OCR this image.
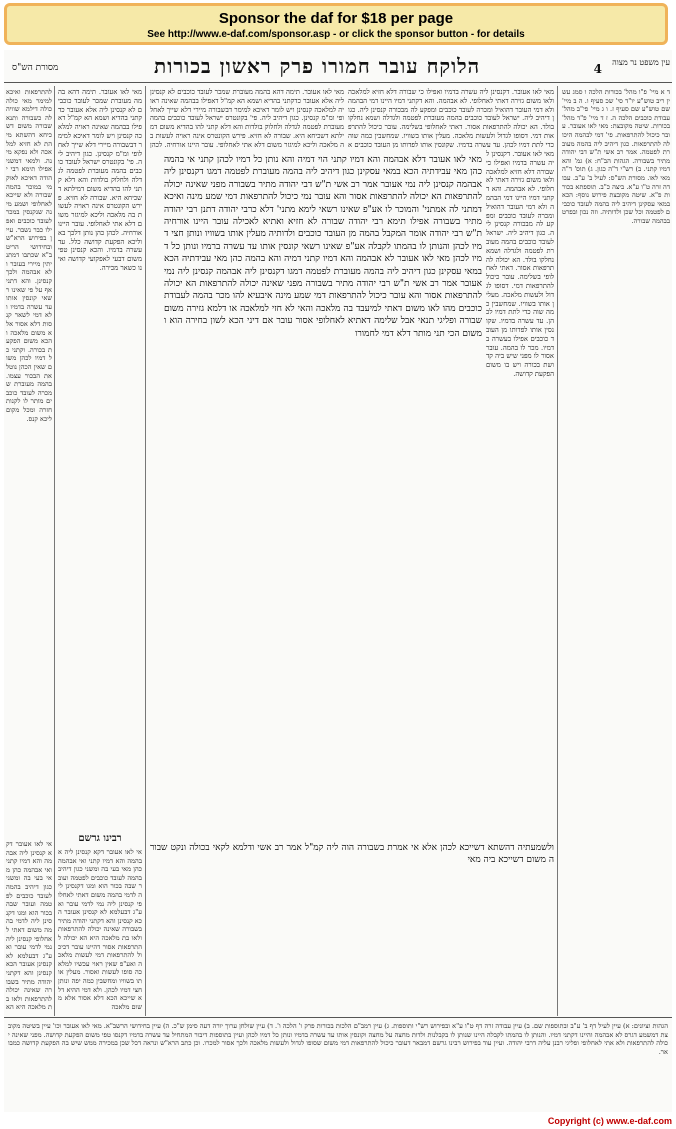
Sponsor the daf for $18 per page
See http://www.e-daf.com/sponsor.asp - or click the sponsor button - for details
מסורת הש"ס	הלוקח עובר חמורו פרק ראשון בכורות	4	עין משפט נר מצוה
להתרפאות ואיכא למימר מאי כולה כולה דילמא שוויה לה כשבורה ותנא שבורה משום דשכיחא דהשתא מיהת לא חזיא למלאכה ולא נפקא מינה. ולמאי דמשני אפילו תימא רבי יהודה דאיכא לאוקמי במוכר בהמה שבורה ולא שייכא לאחלופי ושמע מינה שנקנסין במכר לעובד כוכבים ואפילו כבר נשבר. עיין בפירוש הרא"ש ובחידושי הריטב"א שכתבו דמתניתין מיירי בעובר ולא אבהמה ולכך קנסינן. והא דתני אף על פי שאינו רשאי קונסין אותו עד עשרה בדמיו ולא דמי לשאר קנסות דלא אסור אלא משום מלאכה והכא משום הפקעת בכורה. וקתני כל דמיו לכהן משום שאין הכהן נוטל את הבכור עצמו. בהמה מעוברת שמכרה לעובד כוכבים מותר לו לקנות חזרה ומכל מקום ליכא קנס.
אי לאו אעובר דקא קנסינן ליה אבהמה והא דמיו קתני ואי אבהמה כהן מאי בעי בה ומשני כגון דיהיב בהמה לעובד כוכבים לפטמה ועובר שבה בכור הוא ומגו דקנסינן ליה לדמי בהמה משום דאתי לאחלופי קנסינן ליה נמי לדמי עובר ואע"ג דבעלמא לא קנסינן אעובר הכא קנסינן והא דקתני יהודה מתיר בשבורה שאינה יכולה להתרפאות ולאו בת מלאכה היא הא
מאי לאו אעובר. תימה דהא בהמה מעוברת שמכר לעובד כוכבים לא קנסינן ליה אלא אעובר כדקתני בהדיא ושמא הא קמ"ל דאפילו בבהמה שאינה ראויה למלאכה קנסינן ויש לומר דאיכא למימר דבשבורה מיירי דלא שייך לאחלופי ומ"מ קנסינן. כגון דיהיב ליה. פי' בקונטרס ישראל לעובד כוכבים בהמה מעוברת לפטמה לגדלה ולחלוק בולדות והא דלא קתני להו בהדיא משום דמילתא דשכיחא היא. שבורה לא חזיא. פירש הקונטרס אינה ראויה לעשות בה מלאכה וליכא למיגזר משום דלא אתי לאחלופי. עובר היינו אורחיה. לכהן כהן נותן דלכך בא וליכא הפקעת קדושה כלל. עד עשרה בדמיו. והכא קנסינן טפי משום דבעי לאפקועי קדושה ואינו כשאר מכירה.
רבינו גרשם
אי לאו אעובר דקא קנסינן ליה אבהמה והא דמיו קתני ואי אבהמה כהן מאי בעי בה ומשני כגון דיהיב בהמה לעובד כוכבים לפטמה ועובר שבה בכור הוא ומגו דקנסינן ליה לדמי בהמה משום דאתי לאחלופי קנסינן ליה נמי לדמי עובר ואע"ג דבעלמא לא קנסינן אעובר הכא קנסינן והא דקתני יהודה מתיר בשבורה שאינה יכולה להתרפאות ולאו בת מלאכה היא הא יכולה להתרפאות אסור דהיינו עובר דכיכול להתרפאות דמי לעשות מלאכה ואע"פ שאין ראוי עכשיו למלאכה סופו לעשות ואסור. מעלין אותו בשוויו ומחשבין כמה יפה ונותן חצי דמיו לכהן. ולא דמי ההיא דלא שייכא הכא דלא אסור אלא משום מלאכה
מאי לאו אעובר. תימה דהא בהמה מעוברת שמכר לעובד כוכבים לא קנסינן ליה אלא אעובר כדקתני בהדיא ושמא הא קמ"ל דאפילו בבהמה שאינה ראויה למלאכה קנסינן ויש לומר דאיכא למימר דבשבורה מיירי דלא שייך לאחלופי ומ"מ קנסינן. כגון דיהיב ליה. פי' בקונטרס ישראל לעובד כוכבים בהמה מעוברת לפטמה לגדלה ולחלוק בולדות והא דלא קתני להו בהדיא משום דמילתא דשכיחא היא. שבורה לא חזיא. פירש הקונטרס אינה ראויה לעשות בה מלאכה וליכא למיגזר משום דלא אתי לאחלופי. עובר היינו אורחיה. לכהן
מאי לאו אעובר. דקנסינן ליה עשרה בדמיו ואפילו כי שבורה דלא חזיא למלאכה ולאו משום גזירה דאתי לאחלופי. לא אבהמה. והא דקתני דמיו היינו דמי הבהמה ולא דמי העובר דהואיל ומכרה לעובד כוכבים ומפקע לה מבכורה קנסינן ליה. כגון דיהיב ליה. ישראל לעובד כוכבים בהמה מעוברת לפטמה ולגדלה ושמא נחלקו בולד. הא יכולה להתרפאות אסור. דאתי לאחלופי בשלימה. עובר כיכול להתרפאות דמי. דסופו לגדול ולעשות מלאכה. מעלין אותו בשוויו. שמחשבין כמה שוה כדי לתת דמיו לכהן. עד עשרה בדמיו. שקונסין אותו לפדותו מן העובד כוכבים א
מאי לאו אעובר דלא אבהמה והא דמיו קתני הוי דמיה והא נותן כל דמיו לכהן קתני אי בהמה כהן מאי עבידתיה הכא במאי עסקינן כגון דיהיב ליה בהמה מעוברת לפטמה דמגו דקנסינן ליה אבהמה קנסינן ליה נמי אעובר אמר רב אשי ת"ש דבי יהודה מתיר בשבורה מפני שאינה יכולה להתרפאות הא יכולה להתרפאות אסור והא עובר נמי כיכול להתרפאות דמי שמע מינה ואיכא דמתני לה אמתני' והמוכר לו אע"פ שאינו רשאי לימא מתני' דלא כרבי יהודה דתנן רבי יהודה מתיר בשבורה אפילו תימא רבי יהודה שבורה לא חזיא ואתיא לאכילה עובר היינו אורחיה ת"ש רבי יהודה אומר המקבל בהמה מן העובד כוכבים ולדותיה מעלין אותו בשוויו ונותן חצי דמיו לכהן והנותן לו בהמתו לקבלה אע"פ שאינו רשאי קונסין אותו עד עשרה ברמיו ונותן כל דמיו לכהן מאי לאו אעובר לא אבהמה והא דמיו קתני דמיה והא בהמה כהן מאי עבידתיה הכא במאי עסקינן כגון דיהיב ליה בהמה מעוברת לפטמה דמגו דקנסינן ליה אבהמה קנסינן ליה נמי אעובר אמר רב אשי ת"ש רבי יהודה מתיר בשבורה מפני שאינה יכולה להתרפאות הא יכולה להתרפאות אסור והא עובר כיכול להתרפאות דמי שמע מינה איבעיא להו מכר בהמה לעבודת כוכבים מהו לאו משום דאתי למיעבד בה מלאכה והאי לא חזי למלאכה או דלמא גזירה משום שבורה ופליגי תנאי אבל שלימה דאתיא לאחלופי אסור עובר אם דיני הכא לשון בחירה הוא ומשום הכי תני מותר דלא דמי לחמורו
מאי לאו אעובר. דקנסינן ליה עשרה בדמיו ואפילו כי שבורה דלא חזיא למלאכה ולאו משום גזירה דאתי לאחלופי. לא אבהמה. והא דקתני דמיו היינו דמי הבהמה ולא דמי העובר דהואיל ומכרה לעובד כוכבים ומפקע לה מבכורה קנסינן ליה. כגון דיהיב ליה. ישראל לעובד כוכבים בהמה מעוברת לפטמה ולגדלה ושמא נחלקו בולד. הא יכולה להתרפאות אסור. דאתי לאחלופי בשלימה. עובר כיכול להתרפאות דמי. דסופו לגדול ולעשות מלאכה. מעלין אותו בשוויו. שמחשבין כמה שוה כדי לתת דמיו לכהן. עד עשרה בדמיו. שקונסין אותו לפדותו מן העובד כוכבים אפילו בעשרה בדמיו. מכר לו בהמה. עובר אסור לו מפני שיש ביה קדושת בכורה ויש בו משום הפקעת קדושה.
ולשמעתיה דהשתא דשייכא לכהן אלא אי אמרת בשבורה הוה ליה קמ"ל אמר רב אשי ודלמא לקאי בכולה ונקט שבורה משום דשייכא ביה מאי
ד א מיי' פ"ו מהל' בכורות הלכה ו סמג עשין ריב טוש"ע יו"ד סי' שכ סעיף ו. ה ב מיי' שם טוש"ע שם סעיף ז. ו ג מיי' פי"ב מהל' עבודת כוכבים הלכה ה. ז ד מיי' פ"ד מהל' בכורות. שיטה מקובצת: מאי לאו אעובר. עובר כיכול להתרפאות. פי' דמי לבהמה היכולה להתרפאות. כגון דיהיב ליה בהמה מעוברת לפטמה. אמר רב אשי ת"ש דבי יהודה מתיר בשבורה. הגהות הב"ח: א) גמ' והא דמיו קתני. ב) רש"י ד"ה כגון. ג) תוס' ד"ה מאי לאו. מסורת הש"ס: לעיל ב' ע"ב. עבודה זרה ט"ו ע"א. ביצה כ"ב. תוספתא בכורות פ"א. שיטה מקובצת פירוש נוסף: הכא במאי עסקינן דיהיב ליה בהמה לעובד כוכבים לפטמה וכל שכן ולדותיה. וזה נכון ובפרט בבהמה שבורה.
הגהות וציונים: א) עיין לעיל דף ב' ע"ב ובתוספות שם. ב) עיין עבודה זרה דף ט"ו ע"א ובפירוש רש"י ותוספות. ג) עיין רמב"ם הלכות בכורות פרק ו' הלכה ו'. ד) עיין שולחן ערוך יורה דעה סימן ש"כ. ה) עיין בחידושי הרשב"א. מאי לאו אעובר וכו' עיין בשיטה מקובצת דמשמע דגרס לא אבהמה והיינו דקתני דמיו. והנותן לו בהמתו לקבלה היינו שנותן לו בקבלנות ולדות מחצה על מחצה וקונסין אותו עד עשרה בדמיו ונותן כל דמיו לכהן ועיין בתוספות דיבור המתחיל עד עשרה בדמיו דקנסו טפי משום הפקעת קדושה. מפני שאינה יכולה להתרפאות ולא אתי לאחלופי ופליגי רבנן עליה דרבי יהודה. ועיין עוד בפירוש רבינו גרשם דמבאר דעובר כיכול להתרפאות דמי משום שסופו לגדול ולעשות מלאכה ולכך אסור למכרו. וכן כתב הרא"ש ונראה דכל שכן במכירה ממש שיש בה הפקעת קדושה כמבואר.
Copyright (c) www.e-daf.com
